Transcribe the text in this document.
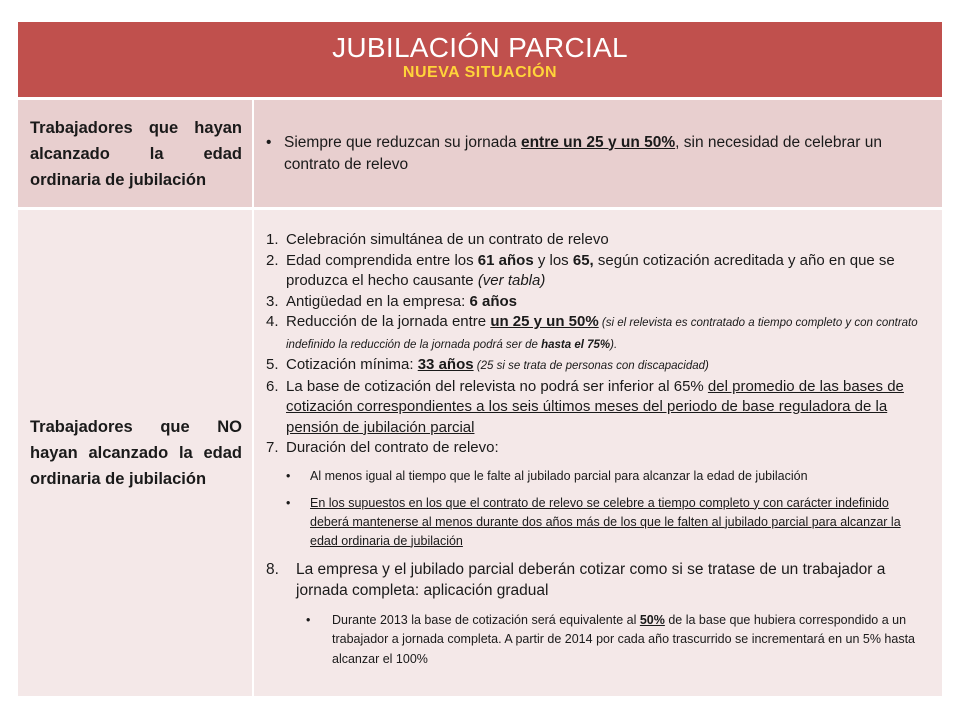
JUBILACIÓN PARCIAL
NUEVA SITUACIÓN
Trabajadores que hayan alcanzado la edad ordinaria de jubilación
• Siempre que reduzcan su jornada entre un 25 y un 50%, sin necesidad de celebrar un contrato de relevo
Trabajadores que NO hayan alcanzado la edad ordinaria de jubilación
1. Celebración simultánea de un contrato de relevo
2. Edad comprendida entre los 61 años y los 65, según cotización acreditada y año en que se produzca el hecho causante (ver tabla)
3. Antigüedad en la empresa: 6 años
4. Reducción de la jornada entre un 25 y un 50% (si el relevista es contratado a tiempo completo y con contrato indefinido la reducción de la jornada podrá ser de hasta el 75%).
5. Cotización mínima: 33 años (25 si se trata de personas con discapacidad)
6. La base de cotización del relevista no podrá ser inferior al 65% del promedio de las bases de cotización correspondientes a los seis últimos meses del periodo de base reguladora de la pensión de jubilación parcial
7. Duración del contrato de relevo:
•	Al menos igual al tiempo que le falte al jubilado parcial para alcanzar la edad de jubilación
•	En los supuestos en los que el contrato de relevo se celebre a tiempo completo y con carácter indefinido deberá mantenerse al menos durante dos años más de los que le falten al jubilado parcial para alcanzar la edad ordinaria de jubilación
8.	La empresa y el jubilado parcial deberán cotizar como si se tratase de un trabajador a jornada completa: aplicación gradual
•	Durante 2013 la base de cotización será equivalente al 50% de la base que hubiera correspondido a un trabajador a jornada completa. A partir de 2014 por cada año trascurrido se incrementará en un 5% hasta alcanzar el 100%
